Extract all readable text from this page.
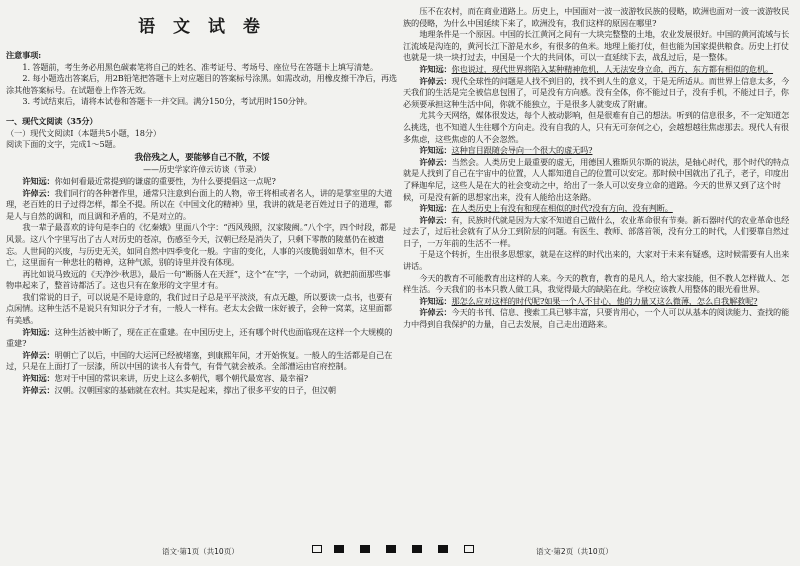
语 文 试 卷
注意事项:

1. 答题前，考生务必用黑色碳素笔将自己的姓名、准考证号、考场号、座位号在答题卡上填写清楚。

2. 每小题选出答案后，用2B铅笔把答题卡上对应题目的答案标号涂黑。如需改动，用橡皮擦干净后，再选涂其他答案标号。在试题卷上作答无效。

3. 考试结束后，请将本试卷和答题卡一并交回。满分150分，考试用时150分钟。

一、现代文阅读（35分）
（一）现代文阅读Ⅰ（本题共5小题，18分）
阅读下面的文字，完成1～5题。
我倍残之人，要能够自己不散，不馁
——历史学家许倬云访谈（节录）

许知远：你如何看最近常提到的谦虚的重要性，为什么要提倡这一点呢?

许倬云：我们同行的各种著作里，通常只注意到台面上的人物，帝王将相或者名人，讲的是掌室里的大道理，老百姓的日子过得怎样，都全不提。所以在《中国文化的精神》里，我讲的就是老百姓过日子的道理，都是人与自然的调和，而且调和矛盾的，不是对立的。

我一辈子最喜欢的诗句是李白的《忆秦娥》里面八个字：“西风残照，汉家陵阙。”八个字，四个时段，都是风景。这八个字里写出了古人对历史的苍凉，伤感至今天，汉朝已经是消失了，只剩下零散的陵墓仍在被遗忘。人世间的兴废，与历史无关，如同自然中四季变化一般。字宙的变化，人事的兴废脆弱如草木，但不灭亡，这里面有一种悲壮的精神，这种气派，别的诗里并没有体现。

再比如说马致远的《天净沙·秋思》，最后一句“断肠人在天涯”，这个“在”字，一个动词，就把前面那些事物串起来了，整首诗都活了。这也只有在象形的文字里才有。

我们常说的日子，可以说是不是诗意的，我们过日子总是平平淡淡，有点无趣，所以要读一点书，也要有点闲情。这种生活不是说只有知识分子才有，一般人一样有。老太太会做一床好被子，会种一窝菜，这里面都有美感。

许知远：这种生活被中断了，现在正在重建。在中国历史上，还有哪个时代也面临现在这样一个大规模的重建?

许倬云：明朝亡了以后，中国的大运河已经被堵塞，到康熙年间，才开始恢复。一般人的生活都是自己在过，只是在上面打了一层漆，所以中国的读书人有骨气，有骨气就会被杀。全部漕运由官府控制。

许知远：您对于中国的常识来讲，历史上这么多朝代，哪个朝代最宽容、最幸福?

许倬云：汉朝。汉朝国家的基础就在农村。其实是起来，撑出了很多平安的日子，但汉朝

压不在农村，而在商业道路上。历史上，中国面对一波一波游牧民族的侵略，欧洲也面对一波一波游牧民族的侵略，为什么中国延续下来了，欧洲没有，我们这样的原因在哪里?

地理条件是一个原因。中国的长江黄河之间有一大块完整整的土地，农业发展很好。中国的黄河流域与长江流域是沟连的，黄河长江下游是水乡，有很多的鱼米。地理上能打仗，但也能为国家提供粮食。历史上打仗也就是一块一块打过去，中国是一个大的共同体，可以一直延续下去，战乱过后，是一整体。

许知远：你也说过，现代世界将陷入某种精神危机，人无法安身立命，西方、东方都有相似的危机。

许倬云：现代全球性的问题是人找不到目的，找不到人生的意义，于是无所适从。而世界上信息太多，今天我们的生活是完全被信息包围了，可是没有方向感。没有全体，你不能过日子，没有手机，不能过日子，你必须要承担这种生活中间，你就不能独立，于是很多人就变成了附庸。

尤其今天网络，媒体很发达，每个人被动影响，但是很难有自己的想法。听到的信息很多，不一定知道怎么挑选，也不知道人生往哪个方向走。没有自我的人，只有无可奈何之心，会越想越往焦虑那去。现代人有很多焦虑，这些焦虑的人不会忽然。

许知远：这种盲目跟随会导向一个很大的虚无吗?

许倬云：当然会。人类历史上最重要的虚无，用德国人雅斯贝尔斯的说法，是轴心时代，那个时代的特点就是人找到了自己在宇宙中的位置，人人都知道自己的位置可以安定。那时候中国就出了孔子，老子，印度出了释迦牟尼，这些人是在大的社会变动之中，给出了一条人可以安身立命的道路。今天的世界又到了这个时候，可是没有新的思想家出来，没有人能给出这条路。

许知远：在人类历史上有没有和现在相似的时代?没有方向，没有判断。

许倬云：有，民族时代就是因为大家不知道自己做什么，农业革命很有节奏。新石器时代的农业革命也经过去了，过后社会就有了从分工到阶层的问题。有医生、教师、部落首领，没有分工的时代，人们要靠自然过日子，一万年前的生活不一样。

于是这个转折，生出很多思想家，就是在这样的时代出来的，大家对于未来有疑惑，这时候需要有人出来讲话。

今天的教育不可能教育出这样的人来。今天的教育，教育的是凡人，给大家技能，但不教人怎样做人、怎样生活。今天我们的书本只教人做工具，我觉得最大的缺陷在此。学校应该教人用整体的眼光看世界。

许知远：那怎么应对这样的时代呢?如果一个人不甘心，他的力量又这么微薄，怎么自我解救呢?

许倬云：今天的书刊、信息、搜索工具已够丰富，只要肯用心，一个人可以从基本的阅读能力、查找的能力中得到自我保护的力量，自己去发展，自己走出道路来。

语文·第1页（共10页）	语文·第2页（共10页）
